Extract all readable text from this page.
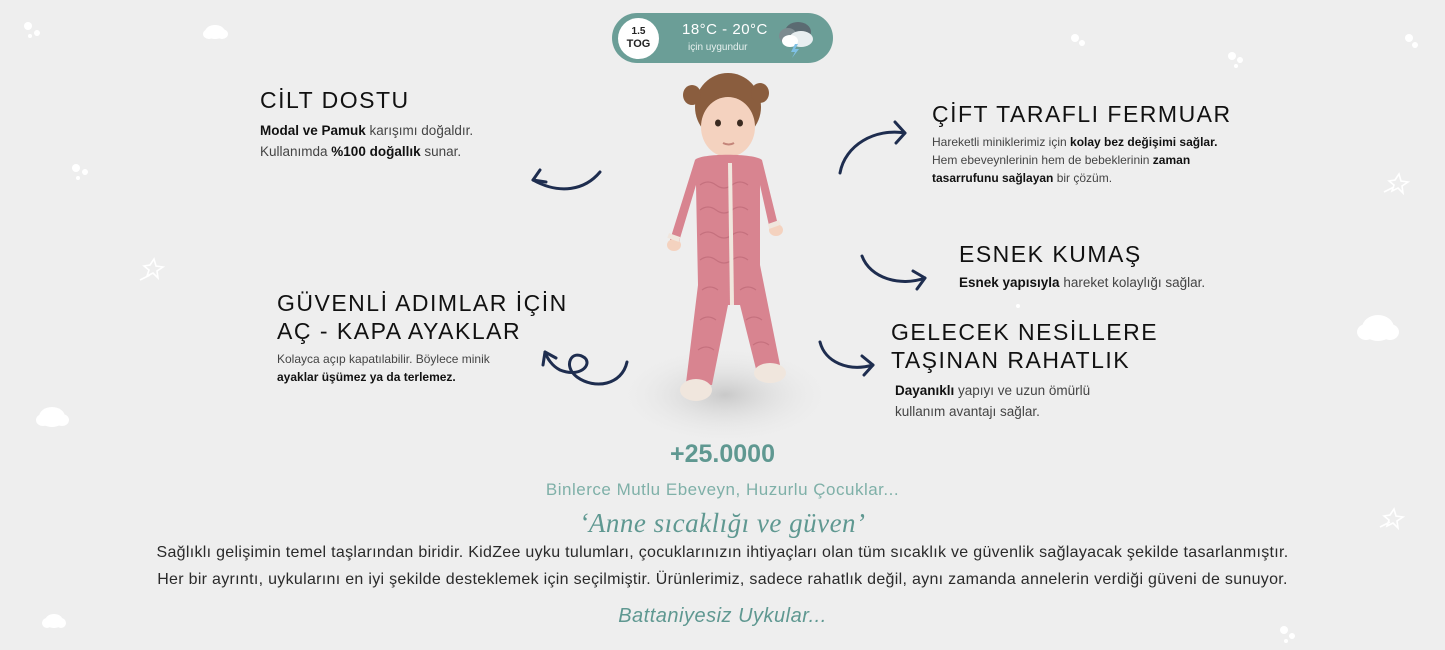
1.5
TOG
18°C - 20°C
için uygundur
CİLT DOSTU
Modal ve Pamuk karışımı doğaldır.
Kullanımda %100 doğallık sunar.
ÇİFT TARAFLI FERMUAR
Hareketli miniklerimiz için kolay bez değişimi sağlar.
Hem ebeveynlerinin hem de bebeklerinin zaman
tasarrufunu sağlayan bir çözüm.
ESNEK KUMAŞ
Esnek yapısıyla hareket kolaylığı sağlar.
GÜVENLİ ADIMLAR İÇİN
AÇ - KAPA AYAKLAR
Kolayca açıp kapatılabilir. Böylece minik
ayaklar üşümez ya da terlemez.
GELECEK NESİLLERE
TAŞINAN RAHATLIK
Dayanıklı yapıyı ve uzun ömürlü
kullanım avantajı sağlar.
+25.0000
Binlerce Mutlu Ebeveyn, Huzurlu Çocuklar...
‘Anne sıcaklığı ve güven’
Sağlıklı gelişimin temel taşlarından biridir. KidZee uyku tulumları, çocuklarınızın ihtiyaçları olan tüm sıcaklık ve güvenlik sağlayacak şekilde tasarlanmıştır.
Her bir ayrıntı, uykularını en iyi şekilde desteklemek için seçilmiştir. Ürünlerimiz, sadece rahatlık değil, aynı zamanda annelerin verdiği güveni de sunuyor.
Battaniyesiz Uykular...
